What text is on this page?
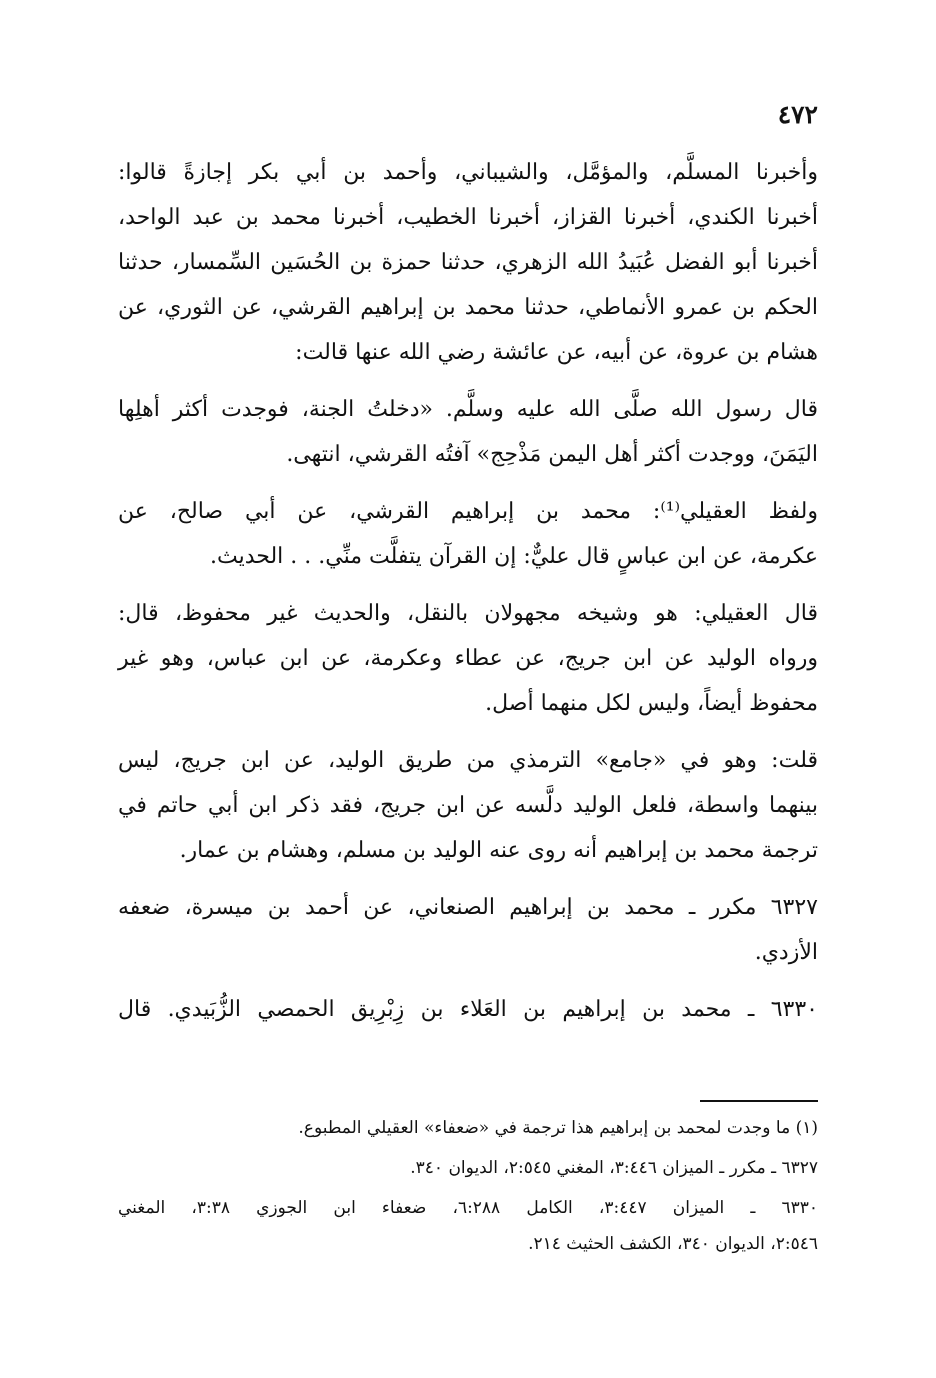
٤٧٢

وأخبرنا المسلَّم، والمؤمَّل، والشيباني، وأحمد بن أبي بكر إجازةً قالوا:
أخبرنا الكندي، أخبرنا القزاز، أخبرنا الخطيب، أخبرنا محمد بن عبد الواحد،
أخبرنا أبو الفضل عُبَيدُ الله الزهري، حدثنا حمزة بن الحُسَين السِّمسار، حدثنا
الحكم بن عمرو الأنماطي، حدثنا محمد بن إبراهيم القرشي، عن الثوري، عن
هشام بن عروة، عن أبيه، عن عائشة رضي الله عنها قالت:

قال رسول الله صلَّى الله عليه وسلَّم. «دخلتُ الجنة، فوجدت أكثر أهلِها
اليَمَنَ، ووجدت أكثر أهل اليمن مَذْحِج» آفتُه القرشي، انتهى.

ولفظ العقيلي⁽¹⁾: محمد بن إبراهيم القرشي، عن أبي صالح، عن
عكرمة، عن ابن عباسٍ قال عليٌّ: إن القرآن يتفلَّت منِّي. . . الحديث.

قال العقيلي: هو وشيخه مجهولان بالنقل، والحديث غير محفوظ، قال:
ورواه الوليد عن ابن جريج، عن عطاء وعكرمة، عن ابن عباس، وهو غير
محفوظ أيضاً، وليس لكل منهما أصل.

قلت: وهو في «جامع» الترمذي من طريق الوليد، عن ابن جريج، ليس
بينهما واسطة، فلعل الوليد دلَّسه عن ابن جريج، فقد ذكر ابن أبي حاتم في
ترجمة محمد بن إبراهيم أنه روى عنه الوليد بن مسلم، وهشام بن عمار.

٦٣٢٧ مكرر ـ محمد بن إبراهيم الصنعاني، عن أحمد بن ميسرة، ضعفه
الأزدي.

٦٣٣٠ ـ محمد بن إبراهيم بن العَلاء بن زِبْرِيق الحمصي الزُّبَيدي. قال

(١) ما وجدت لمحمد بن إبراهيم هذا ترجمة في «ضعفاء» العقيلي المطبوع.

٦٣٢٧ ـ مكرر ـ الميزان ٣:٤٤٦، المغني ٢:٥٤٥، الديوان ٣٤٠.

٦٣٣٠ ـ الميزان ٣:٤٤٧، الكامل ٦:٢٨٨، ضعفاء ابن الجوزي ٣:٣٨، المغني
٢:٥٤٦، الديوان ٣٤٠، الكشف الحثيث ٢١٤.
